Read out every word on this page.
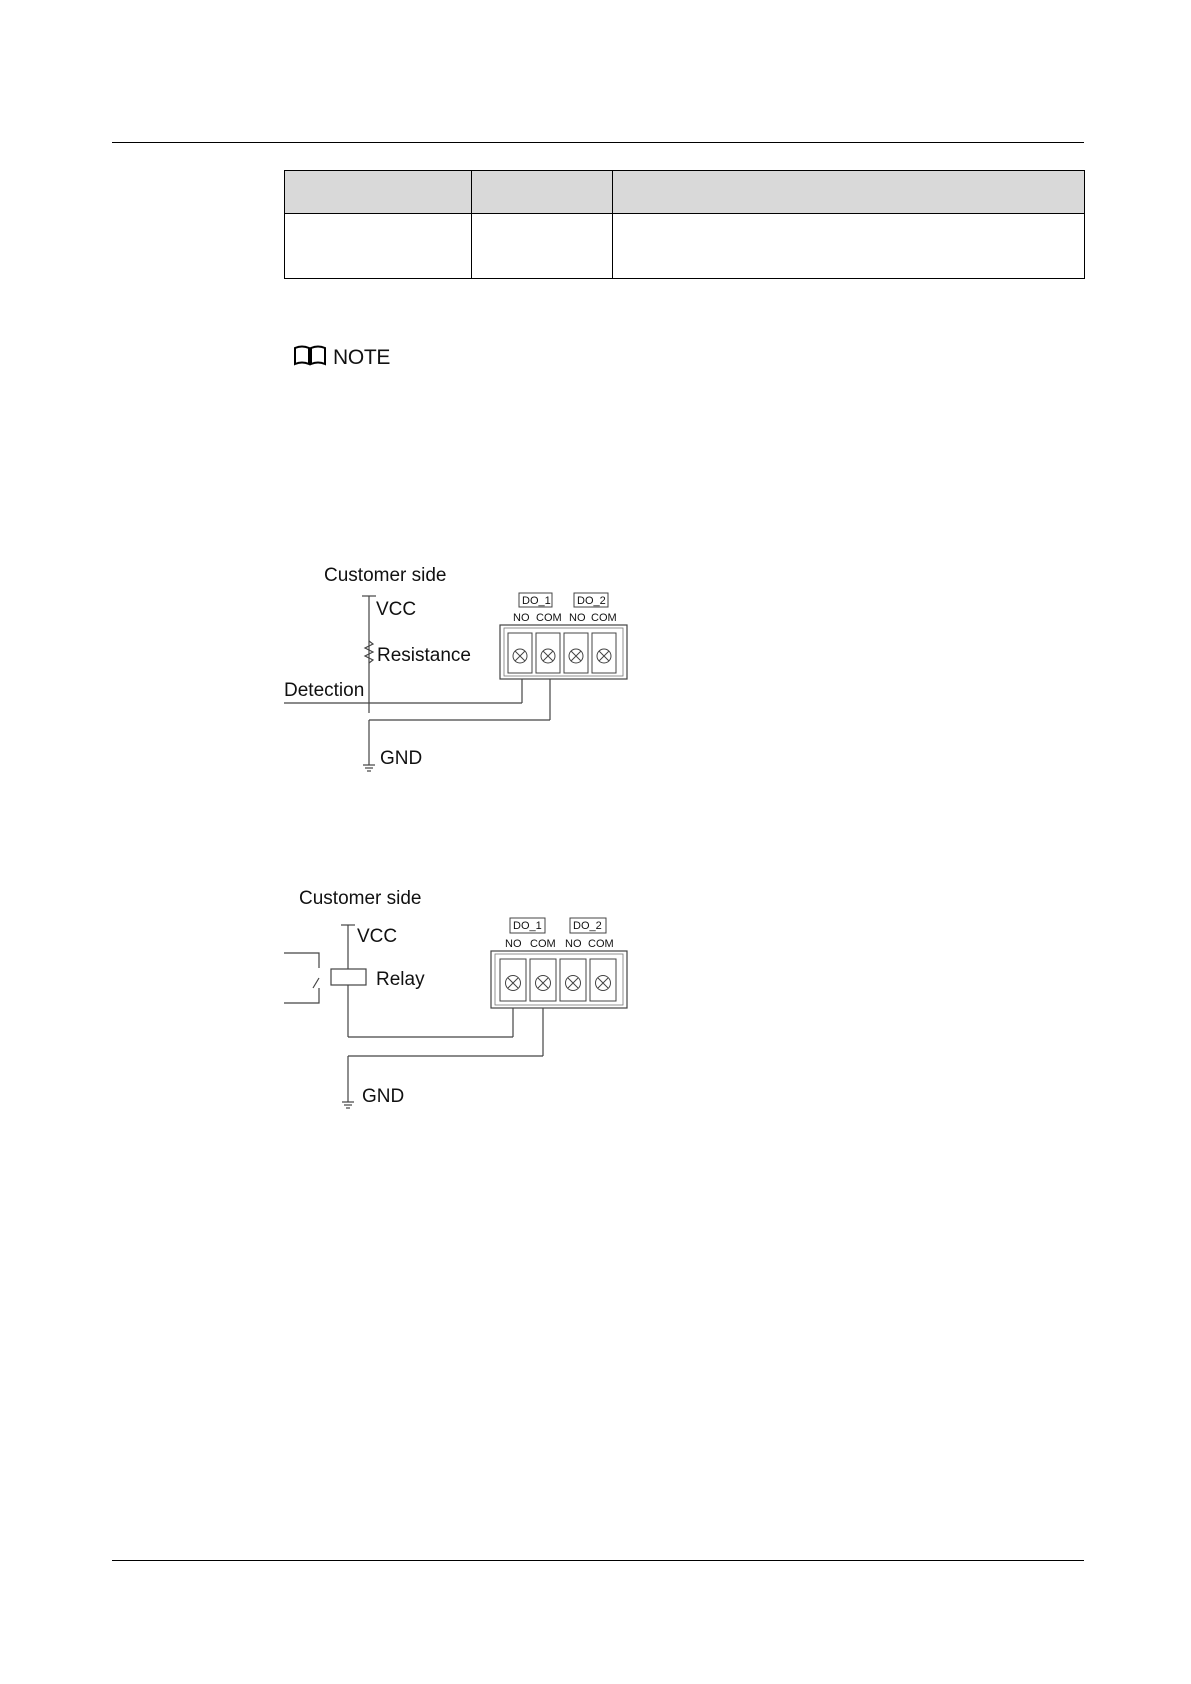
NOTE
Customer side
VCC
Resistance
Detection
GND
DO_1 DO_2
NO COM NO COM
Customer side
VCC
Relay
GND
DO_1	DO_2
NO COM NO COM
